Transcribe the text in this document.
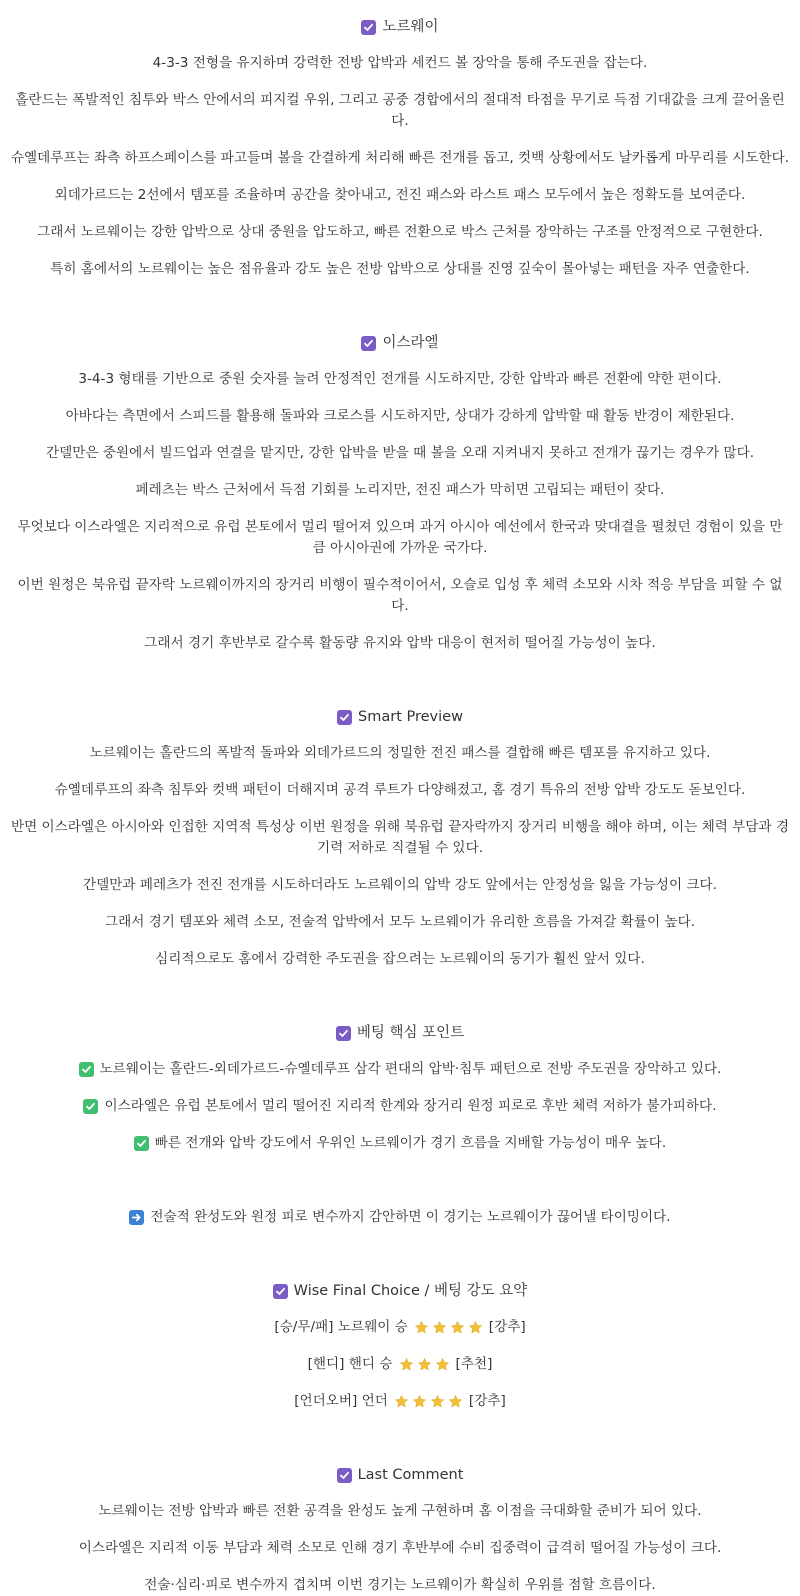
노르웨이

4-3-3 전형을 유지하며 강력한 전방 압박과 세컨드 볼 장악을 통해 주도권을 잡는다.

홀란드는 폭발적인 침투와 박스 안에서의 피지컬 우위, 그리고 공중 경합에서의 절대적 타점을 무기로 득점 기대값을 크게 끌어올린다.

슈옐데루프는 좌측 하프스페이스를 파고들며 볼을 간결하게 처리해 빠른 전개를 돕고, 컷백 상황에서도 날카롭게 마무리를 시도한다.

외데가르드는 2선에서 템포를 조율하며 공간을 찾아내고, 전진 패스와 라스트 패스 모두에서 높은 정확도를 보여준다.

그래서 노르웨이는 강한 압박으로 상대 중원을 압도하고, 빠른 전환으로 박스 근처를 장악하는 구조를 안정적으로 구현한다.

특히 홈에서의 노르웨이는 높은 점유율과 강도 높은 전방 압박으로 상대를 진영 깊숙이 몰아넣는 패턴을 자주 연출한다.

이스라엘

3-4-3 형태를 기반으로 중원 숫자를 늘려 안정적인 전개를 시도하지만, 강한 압박과 빠른 전환에 약한 편이다.

아바다는 측면에서 스피드를 활용해 돌파와 크로스를 시도하지만, 상대가 강하게 압박할 때 활동 반경이 제한된다.

간델만은 중원에서 빌드업과 연결을 맡지만, 강한 압박을 받을 때 볼을 오래 지켜내지 못하고 전개가 끊기는 경우가 많다.

페레츠는 박스 근처에서 득점 기회를 노리지만, 전진 패스가 막히면 고립되는 패턴이 잦다.

무엇보다 이스라엘은 지리적으로 유럽 본토에서 멀리 떨어져 있으며 과거 아시아 예선에서 한국과 맞대결을 펼쳤던 경험이 있을 만큼 아시아권에 가까운 국가다.

이번 원정은 북유럽 끝자락 노르웨이까지의 장거리 비행이 필수적이어서, 오슬로 입성 후 체력 소모와 시차 적응 부담을 피할 수 없다.

그래서 경기 후반부로 갈수록 활동량 유지와 압박 대응이 현저히 떨어질 가능성이 높다.

Smart Preview

노르웨이는 홀란드의 폭발적 돌파와 외데가르드의 정밀한 전진 패스를 결합해 빠른 템포를 유지하고 있다.

슈옐데루프의 좌측 침투와 컷백 패턴이 더해지며 공격 루트가 다양해졌고, 홈 경기 특유의 전방 압박 강도도 돋보인다.

반면 이스라엘은 아시아와 인접한 지역적 특성상 이번 원정을 위해 북유럽 끝자락까지 장거리 비행을 해야 하며, 이는 체력 부담과 경기력 저하로 직결될 수 있다.

간델만과 페레츠가 전진 전개를 시도하더라도 노르웨이의 압박 강도 앞에서는 안정성을 잃을 가능성이 크다.

그래서 경기 템포와 체력 소모, 전술적 압박에서 모두 노르웨이가 유리한 흐름을 가져갈 확률이 높다.

심리적으로도 홈에서 강력한 주도권을 잡으려는 노르웨이의 동기가 훨씬 앞서 있다.

베팅 핵심 포인트
노르웨이는 홀란드-외데가르드-슈옐데루프 삼각 편대의 압박·침투 패턴으로 전방 주도권을 장악하고 있다.
이스라엘은 유럽 본토에서 멀리 떨어진 지리적 한계와 장거리 원정 피로로 후반 체력 저하가 불가피하다.
빠른 전개와 압박 강도에서 우위인 노르웨이가 경기 흐름을 지배할 가능성이 매우 높다.
전술적 완성도와 원정 피로 변수까지 감안하면 이 경기는 노르웨이가 끊어낼 타이밍이다.
Wise Final Choice / 베팅 강도 요약
[승/무/패] 노르웨이 승	[강추]
[핸디] 핸디 승	[추천]
[언더오버] 언더	[강추]
Last Comment

노르웨이는 전방 압박과 빠른 전환 공격을 완성도 높게 구현하며 홈 이점을 극대화할 준비가 되어 있다.

이스라엘은 지리적 이동 부담과 체력 소모로 인해 경기 후반부에 수비 집중력이 급격히 떨어질 가능성이 크다.

전술·심리·피로 변수까지 겹치며 이번 경기는 노르웨이가 확실히 우위를 점할 흐름이다.
